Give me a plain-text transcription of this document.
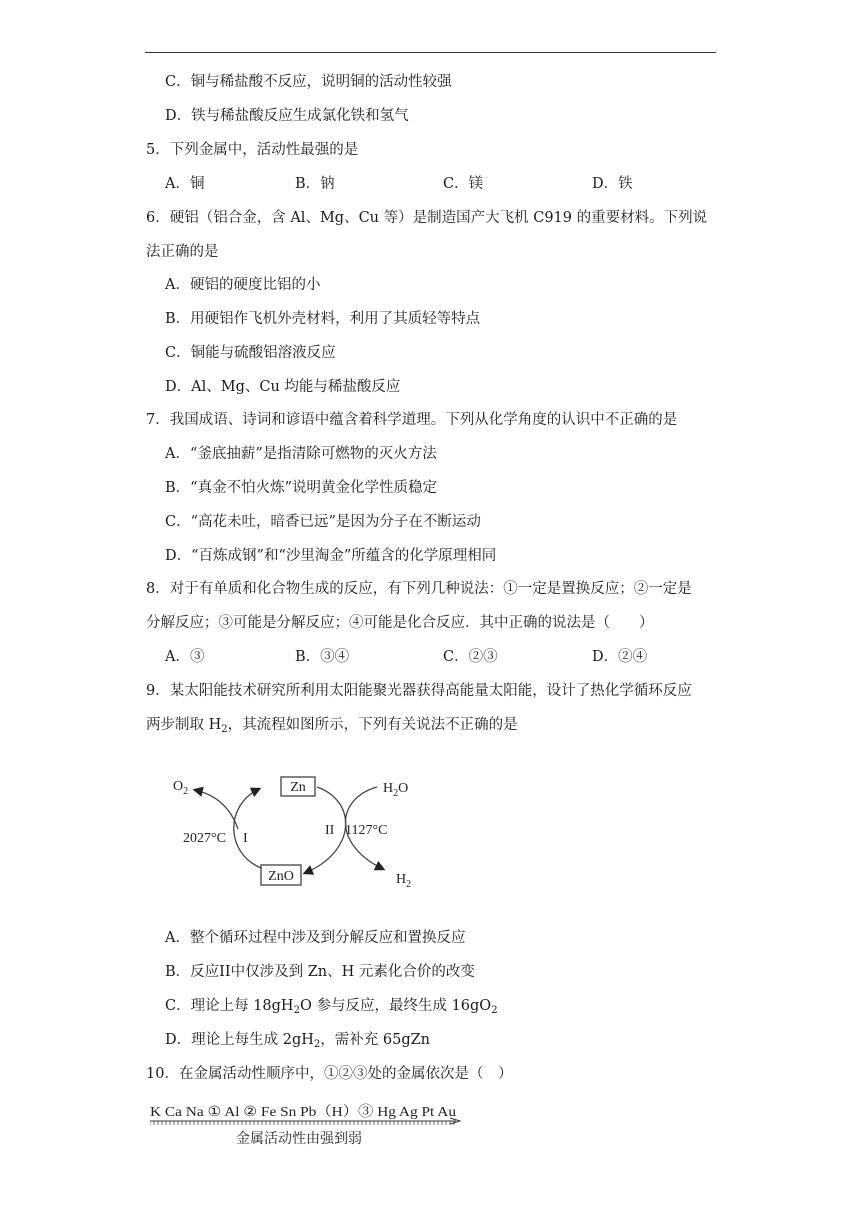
C．铜与稀盐酸不反应，说明铜的活动性较强
D．铁与稀盐酸反应生成氯化铁和氢气
5．下列金属中，活动性最强的是
A．铜	B．钠	C．镁	D．铁
6．硬铝（铝合金，含 Al、Mg、Cu 等）是制造国产大飞机 C919 的重要材料。下列说
法正确的是
A．硬铝的硬度比铝的小
B．用硬铝作飞机外壳材料，利用了其质轻等特点
C．铜能与硫酸铝溶液反应
D．Al、Mg、Cu 均能与稀盐酸反应
7．我国成语、诗词和谚语中蕴含着科学道理。下列从化学角度的认识中不正确的是
A．“釜底抽薪”是指清除可燃物的灭火方法
B．“真金不怕火炼”说明黄金化学性质稳定
C．“高花未吐，暗香已远”是因为分子在不断运动
D．“百炼成钢”和“沙里淘金”所蕴含的化学原理相同
8．对于有单质和化合物生成的反应，有下列几种说法：①一定是置换反应；②一定是
分解反应；③可能是分解反应；④可能是化合反应．其中正确的说法是（　　）
A．③	B．③④	C．②③	D．②④
9．某太阳能技术研究所利用太阳能聚光器获得高能量太阳能，设计了热化学循环反应
两步制取 $H_2$，其流程如图所示，下列有关说法不正确的是
Zn
ZnO
$O_2$	$H_2O$
$H_2$
2027°C I
II 1127°C
A．整个循环过程中涉及到分解反应和置换反应
B．反应II中仅涉及到 Zn、H 元素化合价的改变
C．理论上每 $18gH_2O$ 参与反应，最终生成 $16gO_2$
D．理论上每生成 $2gH_2$，需补充 65gZn
10．在金属活动性顺序中，①②③处的金属依次是（　）
K Ca Na ① Al ② Fe Sn Pb（H）③ Hg Ag Pt Au
金属活动性由强到弱
